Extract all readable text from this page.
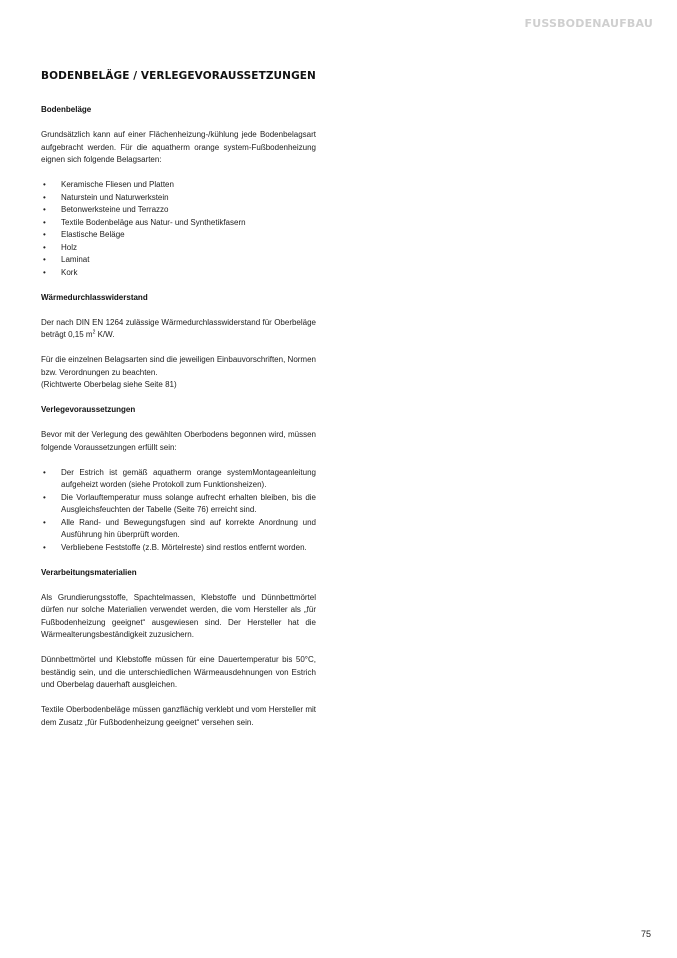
FUSSBODENAUFBAU
BODENBELÄGE / VERLEGEVORAUSSETZUNGEN

Bodenbeläge

Grundsätzlich kann auf einer Flächenheizung-/kühlung jede Bodenbelagsart aufgebracht werden. Für die aquatherm orange system-Fußbodenheizung eignen sich folgende Belagsarten:

• Keramische Fliesen und Platten
• Naturstein und Naturwerkstein
• Betonwerksteine und Terrazzo
• Textile Bodenbeläge aus Natur- und Synthetikfasern
• Elastische Beläge
• Holz
• Laminat
• Kork

Wärmedurchlasswiderstand

Der nach DIN EN 1264 zulässige Wärmedurchlasswiderstand für Oberbeläge beträgt 0,15 $m^2$ K/W.

Für die einzelnen Belagsarten sind die jeweiligen Einbauvorschriften, Normen bzw. Verordnungen zu beachten.

(Richtwerte Oberbelag siehe Seite 81)

Verlegevoraussetzungen

Bevor mit der Verlegung des gewählten Oberbodens begonnen wird, müssen folgende Voraussetzungen erfüllt sein:

• Der Estrich ist gemäß aquatherm orange systemMontageanleitung aufgeheizt worden (siehe Protokoll zum Funktionsheizen).
• Die Vorlauftemperatur muss solange aufrecht erhalten bleiben, bis die Ausgleichsfeuchten der Tabelle (Seite 76) erreicht sind.
• Alle Rand- und Bewegungsfugen sind auf korrekte Anordnung und Ausführung hin überprüft worden.
• Verbliebene Feststoffe (z.B. Mörtelreste) sind restlos entfernt worden.

Verarbeitungsmaterialien

Als Grundierungsstoffe, Spachtelmassen, Klebstoffe und Dünnbettmörtel dürfen nur solche Materialien verwendet werden, die vom Hersteller als „für Fußbodenheizung geeignet“ ausgewiesen sind. Der Hersteller hat die Wärmealterungsbeständigkeit zuzusichern.

Dünnbettmörtel und Klebstoffe müssen für eine Dauertemperatur bis 50°C, beständig sein, und die unterschiedlichen Wärmeausdehnungen von Estrich und Oberbelag dauerhaft ausgleichen.

Textile Oberbodenbeläge müssen ganzflächig verklebt und vom Hersteller mit dem Zusatz „für Fußbodenheizung geeignet“ versehen sein.

75
